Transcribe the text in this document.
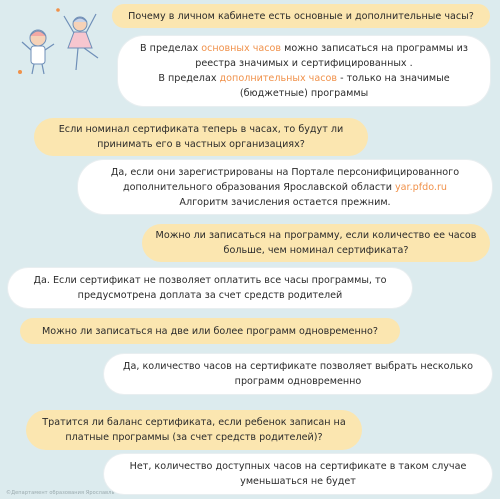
Почему в личном кабинете есть основные и дополнительные часы?
В пределах основных часов можно записаться на программы из
реестра значимых и сертифицированных .
В пределах дополнительных часов - только на значимые
(бюджетные) программы
Если номинал сертификата теперь в часах, то будут ли
принимать его в частных организациях?
Да, если они зарегистрированы на Портале персонифицированного
дополнительного образования Ярославской области yar.pfdo.ru
Алгоритм зачисления остается прежним.
Можно ли записаться на программу, если количество ее часов
больше, чем номинал сертификата?
Да. Если сертификат не позволяет оплатить все часы программы, то
предусмотрена доплата за счет средств родителей
Можно ли записаться на две или более программ одновременно?
Да, количество часов на сертификате позволяет выбрать несколько
программ одновременно
Тратится ли баланс сертификата, если ребенок записан на
платные программы (за счет средств родителей)?
Нет, количество доступных часов на сертификате в таком случае
уменьшаться не будет
©Департамент образования Ярославль
